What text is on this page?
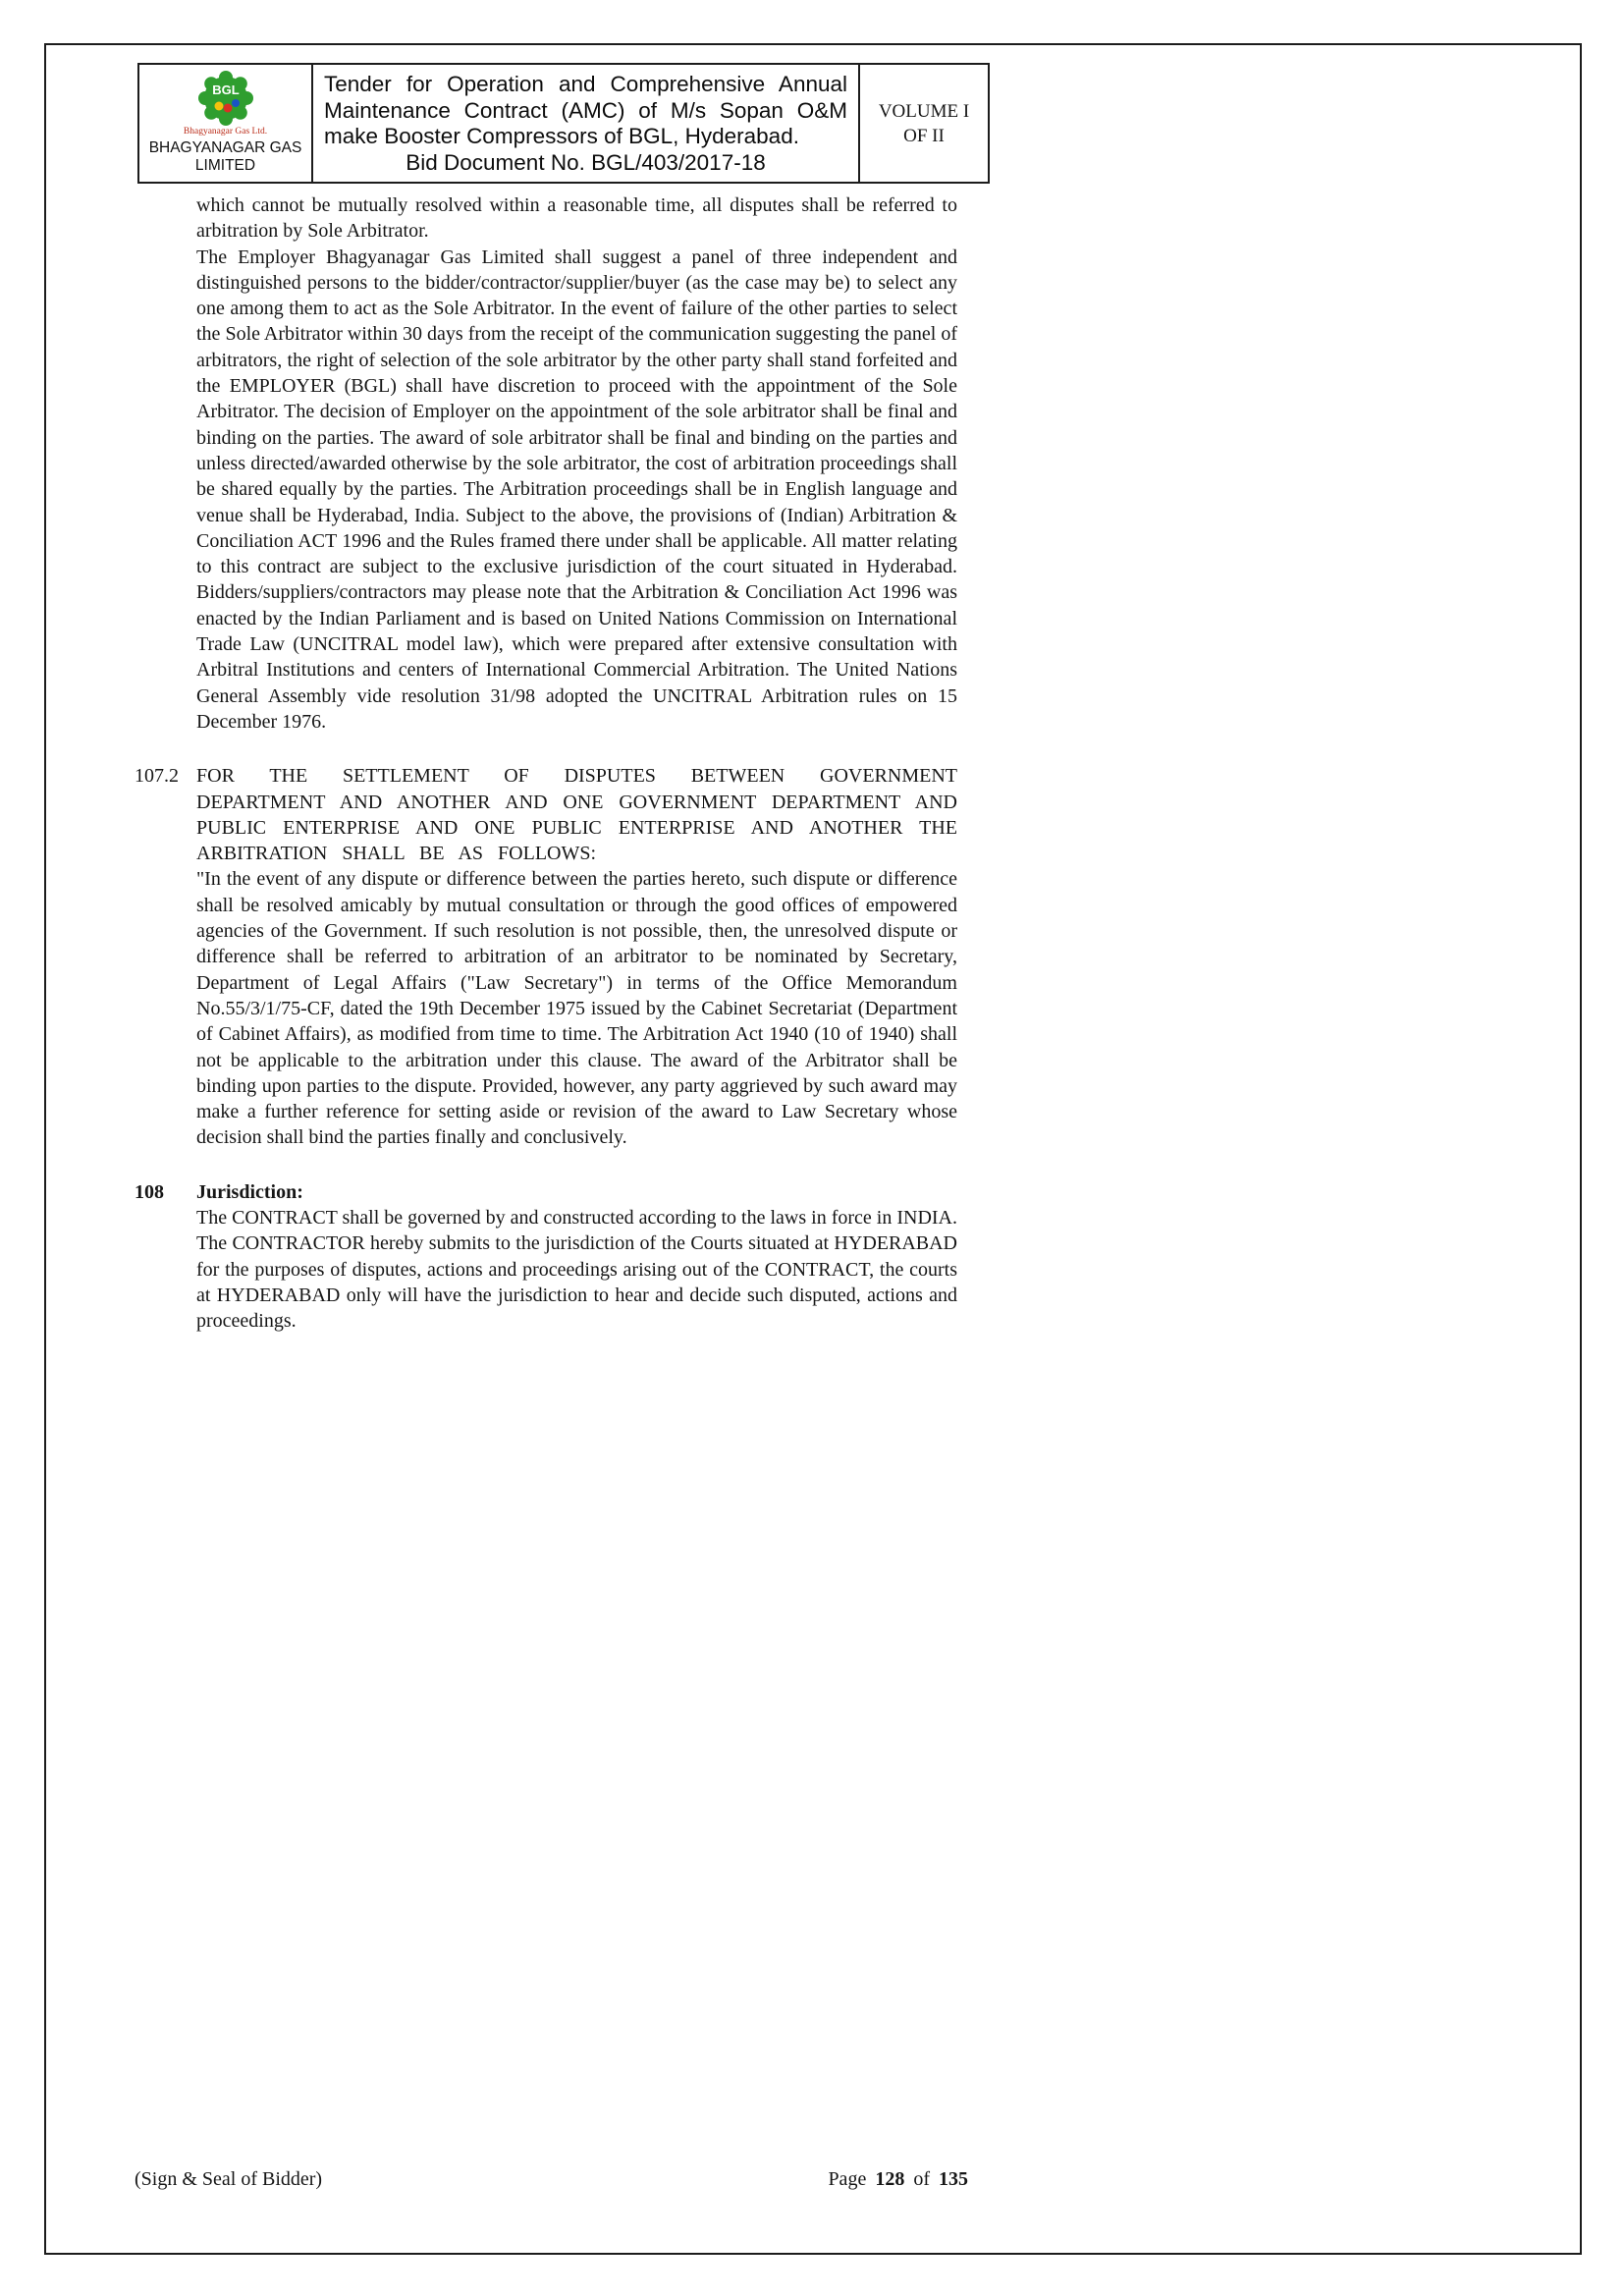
BGL
Bhagyanagar Gas Ltd.
BHAGYANAGAR GAS
LIMITED
Tender for Operation and Comprehensive Annual Maintenance Contract (AMC) of M/s Sopan O&M make Booster Compressors of BGL, Hyderabad.
Bid Document No. BGL/403/2017-18
VOLUME I
OF II

which cannot be mutually resolved within a reasonable time, all disputes shall be referred to arbitration by Sole Arbitrator.

The Employer Bhagyanagar Gas Limited shall suggest a panel of three independent and distinguished persons to the bidder/contractor/supplier/buyer (as the case may be) to select any one among them to act as the Sole Arbitrator. In the event of failure of the other parties to select the Sole Arbitrator within 30 days from the receipt of the communication suggesting the panel of arbitrators, the right of selection of the sole arbitrator by the other party shall stand forfeited and the EMPLOYER (BGL) shall have discretion to proceed with the appointment of the Sole Arbitrator. The decision of Employer on the appointment of the sole arbitrator shall be final and binding on the parties. The award of sole arbitrator shall be final and binding on the parties and unless directed/awarded otherwise by the sole arbitrator, the cost of arbitration proceedings shall be shared equally by the parties. The Arbitration proceedings shall be in English language and venue shall be Hyderabad, India. Subject to the above, the provisions of (Indian) Arbitration & Conciliation ACT 1996 and the Rules framed there under shall be applicable. All matter relating to this contract are subject to the exclusive jurisdiction of the court situated in Hyderabad. Bidders/suppliers/contractors may please note that the Arbitration & Conciliation Act 1996 was enacted by the Indian Parliament and is based on United Nations Commission on International Trade Law (UNCITRAL model law), which were prepared after extensive consultation with Arbitral Institutions and centers of International Commercial Arbitration. The United Nations General Assembly vide resolution 31/98 adopted the UNCITRAL Arbitration rules on 15 December 1976.

107.2 FOR THE SETTLEMENT OF DISPUTES BETWEEN GOVERNMENT DEPARTMENT AND ANOTHER AND ONE GOVERNMENT DEPARTMENT AND PUBLIC ENTERPRISE AND ONE PUBLIC ENTERPRISE AND ANOTHER THE ARBITRATION SHALL BE AS FOLLOWS:

"In the event of any dispute or difference between the parties hereto, such dispute or difference shall be resolved amicably by mutual consultation or through the good offices of empowered agencies of the Government. If such resolution is not possible, then, the unresolved dispute or difference shall be referred to arbitration of an arbitrator to be nominated by Secretary, Department of Legal Affairs ("Law Secretary") in terms of the Office Memorandum No.55/3/1/75-CF, dated the 19th December 1975 issued by the Cabinet Secretariat (Department of Cabinet Affairs), as modified from time to time. The Arbitration Act 1940 (10 of 1940) shall not be applicable to the arbitration under this clause. The award of the Arbitrator shall be binding upon parties to the dispute. Provided, however, any party aggrieved by such award may make a further reference for setting aside or revision of the award to Law Secretary whose decision shall bind the parties finally and conclusively.

108	Jurisdiction:

The CONTRACT shall be governed by and constructed according to the laws in force in INDIA. The CONTRACTOR hereby submits to the jurisdiction of the Courts situated at HYDERABAD for the purposes of disputes, actions and proceedings arising out of the CONTRACT, the courts at HYDERABAD only will have the jurisdiction to hear and decide such disputed, actions and proceedings.

(Sign & Seal of Bidder)	Page 128 of 135
